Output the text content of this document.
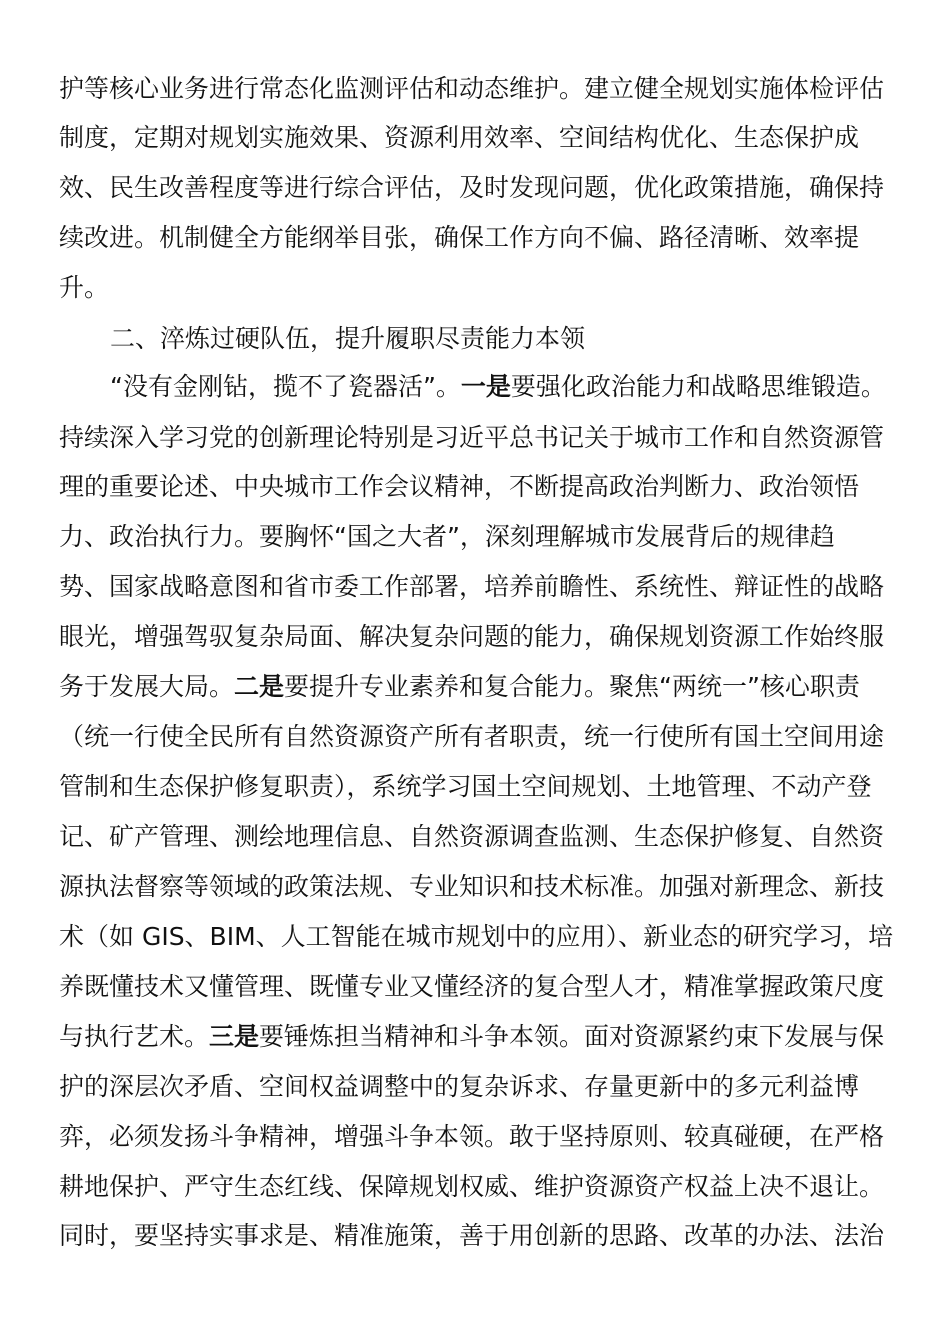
护等核心业务进行常态化监测评估和动态维护。建立健全规划实施体检评估
制度，定期对规划实施效果、资源利用效率、空间结构优化、生态保护成
效、民生改善程度等进行综合评估，及时发现问题，优化政策措施，确保持
续改进。机制健全方能纲举目张，确保工作方向不偏、路径清晰、效率提
升。
二、淬炼过硬队伍，提升履职尽责能力本领
“没有金刚钻，揽不了瓷器活”。一是要强化政治能力和战略思维锻造。
持续深入学习党的创新理论特别是习近平总书记关于城市工作和自然资源管
理的重要论述、中央城市工作会议精神，不断提高政治判断力、政治领悟
力、政治执行力。要胸怀“国之大者”，深刻理解城市发展背后的规律趋
势、国家战略意图和省市委工作部署，培养前瞻性、系统性、辩证性的战略
眼光，增强驾驭复杂局面、解决复杂问题的能力，确保规划资源工作始终服
务于发展大局。二是要提升专业素养和复合能力。聚焦“两统一”核心职责
（统一行使全民所有自然资源资产所有者职责，统一行使所有国土空间用途
管制和生态保护修复职责），系统学习国土空间规划、土地管理、不动产登
记、矿产管理、测绘地理信息、自然资源调查监测、生态保护修复、自然资
源执法督察等领域的政策法规、专业知识和技术标准。加强对新理念、新技
术（如 GIS、BIM、人工智能在城市规划中的应用）、新业态的研究学习，培
养既懂技术又懂管理、既懂专业又懂经济的复合型人才，精准掌握政策尺度
与执行艺术。三是要锤炼担当精神和斗争本领。面对资源紧约束下发展与保
护的深层次矛盾、空间权益调整中的复杂诉求、存量更新中的多元利益博
弈，必须发扬斗争精神，增强斗争本领。敢于坚持原则、较真碰硬，在严格
耕地保护、严守生态红线、保障规划权威、维护资源资产权益上决不退让。
同时，要坚持实事求是、精准施策，善于用创新的思路、改革的办法、法治
